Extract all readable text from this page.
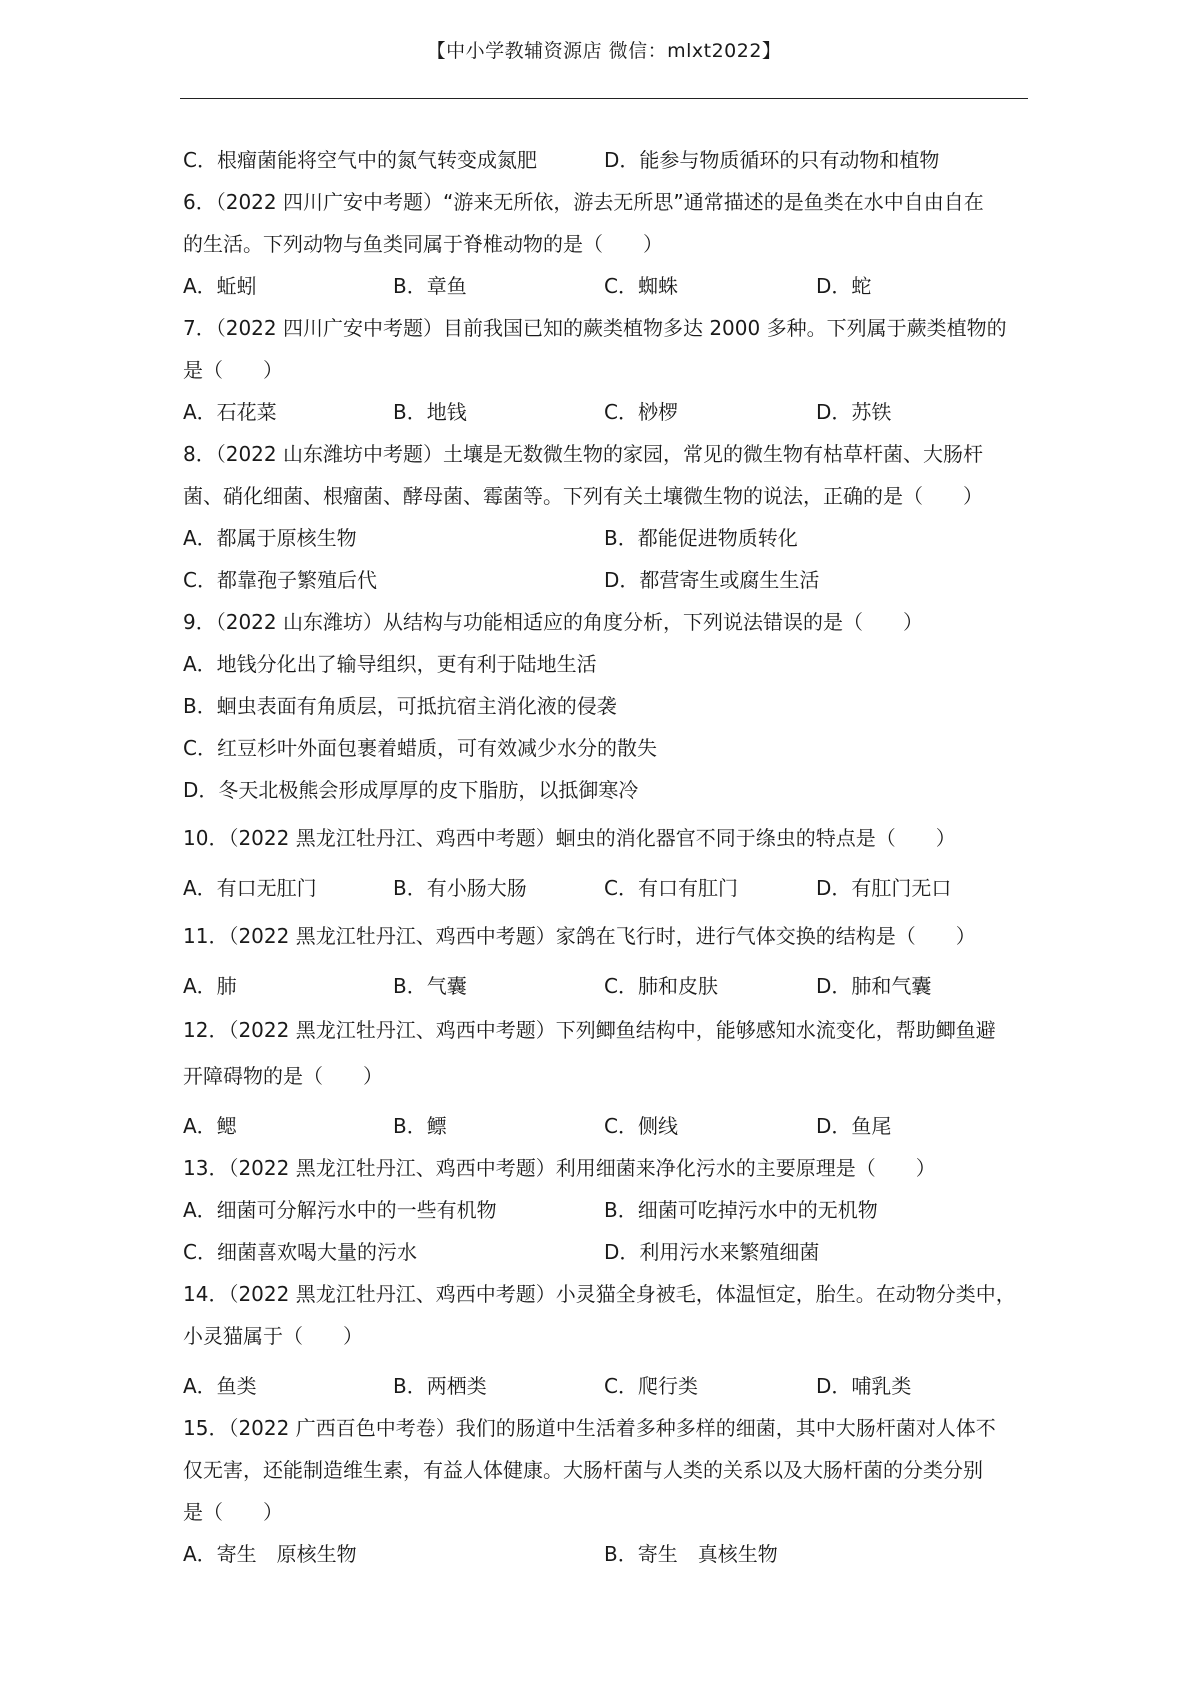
【中小学教辅资源店 微信：mlxt2022】
C．根瘤菌能将空气中的氮气转变成氮肥	D．能参与物质循环的只有动物和植物
6．（2022 四川广安中考题）“游来无所依，游去无所思”通常描述的是鱼类在水中自由自在
的生活。下列动物与鱼类同属于脊椎动物的是（　　）
A．蚯蚓	B．章鱼	C．蜘蛛	D．蛇
7．（2022 四川广安中考题）目前我国已知的蕨类植物多达 2000 多种。下列属于蕨类植物的
是（　　）
A．石花菜	B．地钱	C．桫椤	D．苏铁
8．（2022 山东潍坊中考题）土壤是无数微生物的家园，常见的微生物有枯草杆菌、大肠杆
菌、硝化细菌、根瘤菌、酵母菌、霉菌等。下列有关土壤微生物的说法，正确的是（　　）
A．都属于原核生物	B．都能促进物质转化
C．都靠孢子繁殖后代	D．都营寄生或腐生生活
9．（2022 山东潍坊）从结构与功能相适应的角度分析，下列说法错误的是（　　）
A．地钱分化出了输导组织，更有利于陆地生活
B．蛔虫表面有角质层，可抵抗宿主消化液的侵袭
C．红豆杉叶外面包裹着蜡质，可有效减少水分的散失
D．冬天北极熊会形成厚厚的皮下脂肪，以抵御寒冷
10．（2022 黑龙江牡丹江、鸡西中考题）蛔虫的消化器官不同于绦虫的特点是（　　）
A．有口无肛门	B．有小肠大肠	C．有口有肛门	D．有肛门无口
11．（2022 黑龙江牡丹江、鸡西中考题）家鸽在飞行时，进行气体交换的结构是（　　）
A．肺	B．气囊	C．肺和皮肤	D．肺和气囊
12．（2022 黑龙江牡丹江、鸡西中考题）下列鲫鱼结构中，能够感知水流变化，帮助鲫鱼避
开障碍物的是（　　）
A．鳃	B．鳔	C．侧线	D．鱼尾
13．（2022 黑龙江牡丹江、鸡西中考题）利用细菌来净化污水的主要原理是（　　）
A．细菌可分解污水中的一些有机物	B．细菌可吃掉污水中的无机物
C．细菌喜欢喝大量的污水	D．利用污水来繁殖细菌
14．（2022 黑龙江牡丹江、鸡西中考题）小灵猫全身被毛，体温恒定，胎生。在动物分类中，
小灵猫属于（　　）
A．鱼类	B．两栖类	C．爬行类	D．哺乳类
15．（2022 广西百色中考卷）我们的肠道中生活着多种多样的细菌，其中大肠杆菌对人体不
仅无害，还能制造维生素，有益人体健康。大肠杆菌与人类的关系以及大肠杆菌的分类分别
是（　　）
A．寄生　原核生物	B．寄生　真核生物
